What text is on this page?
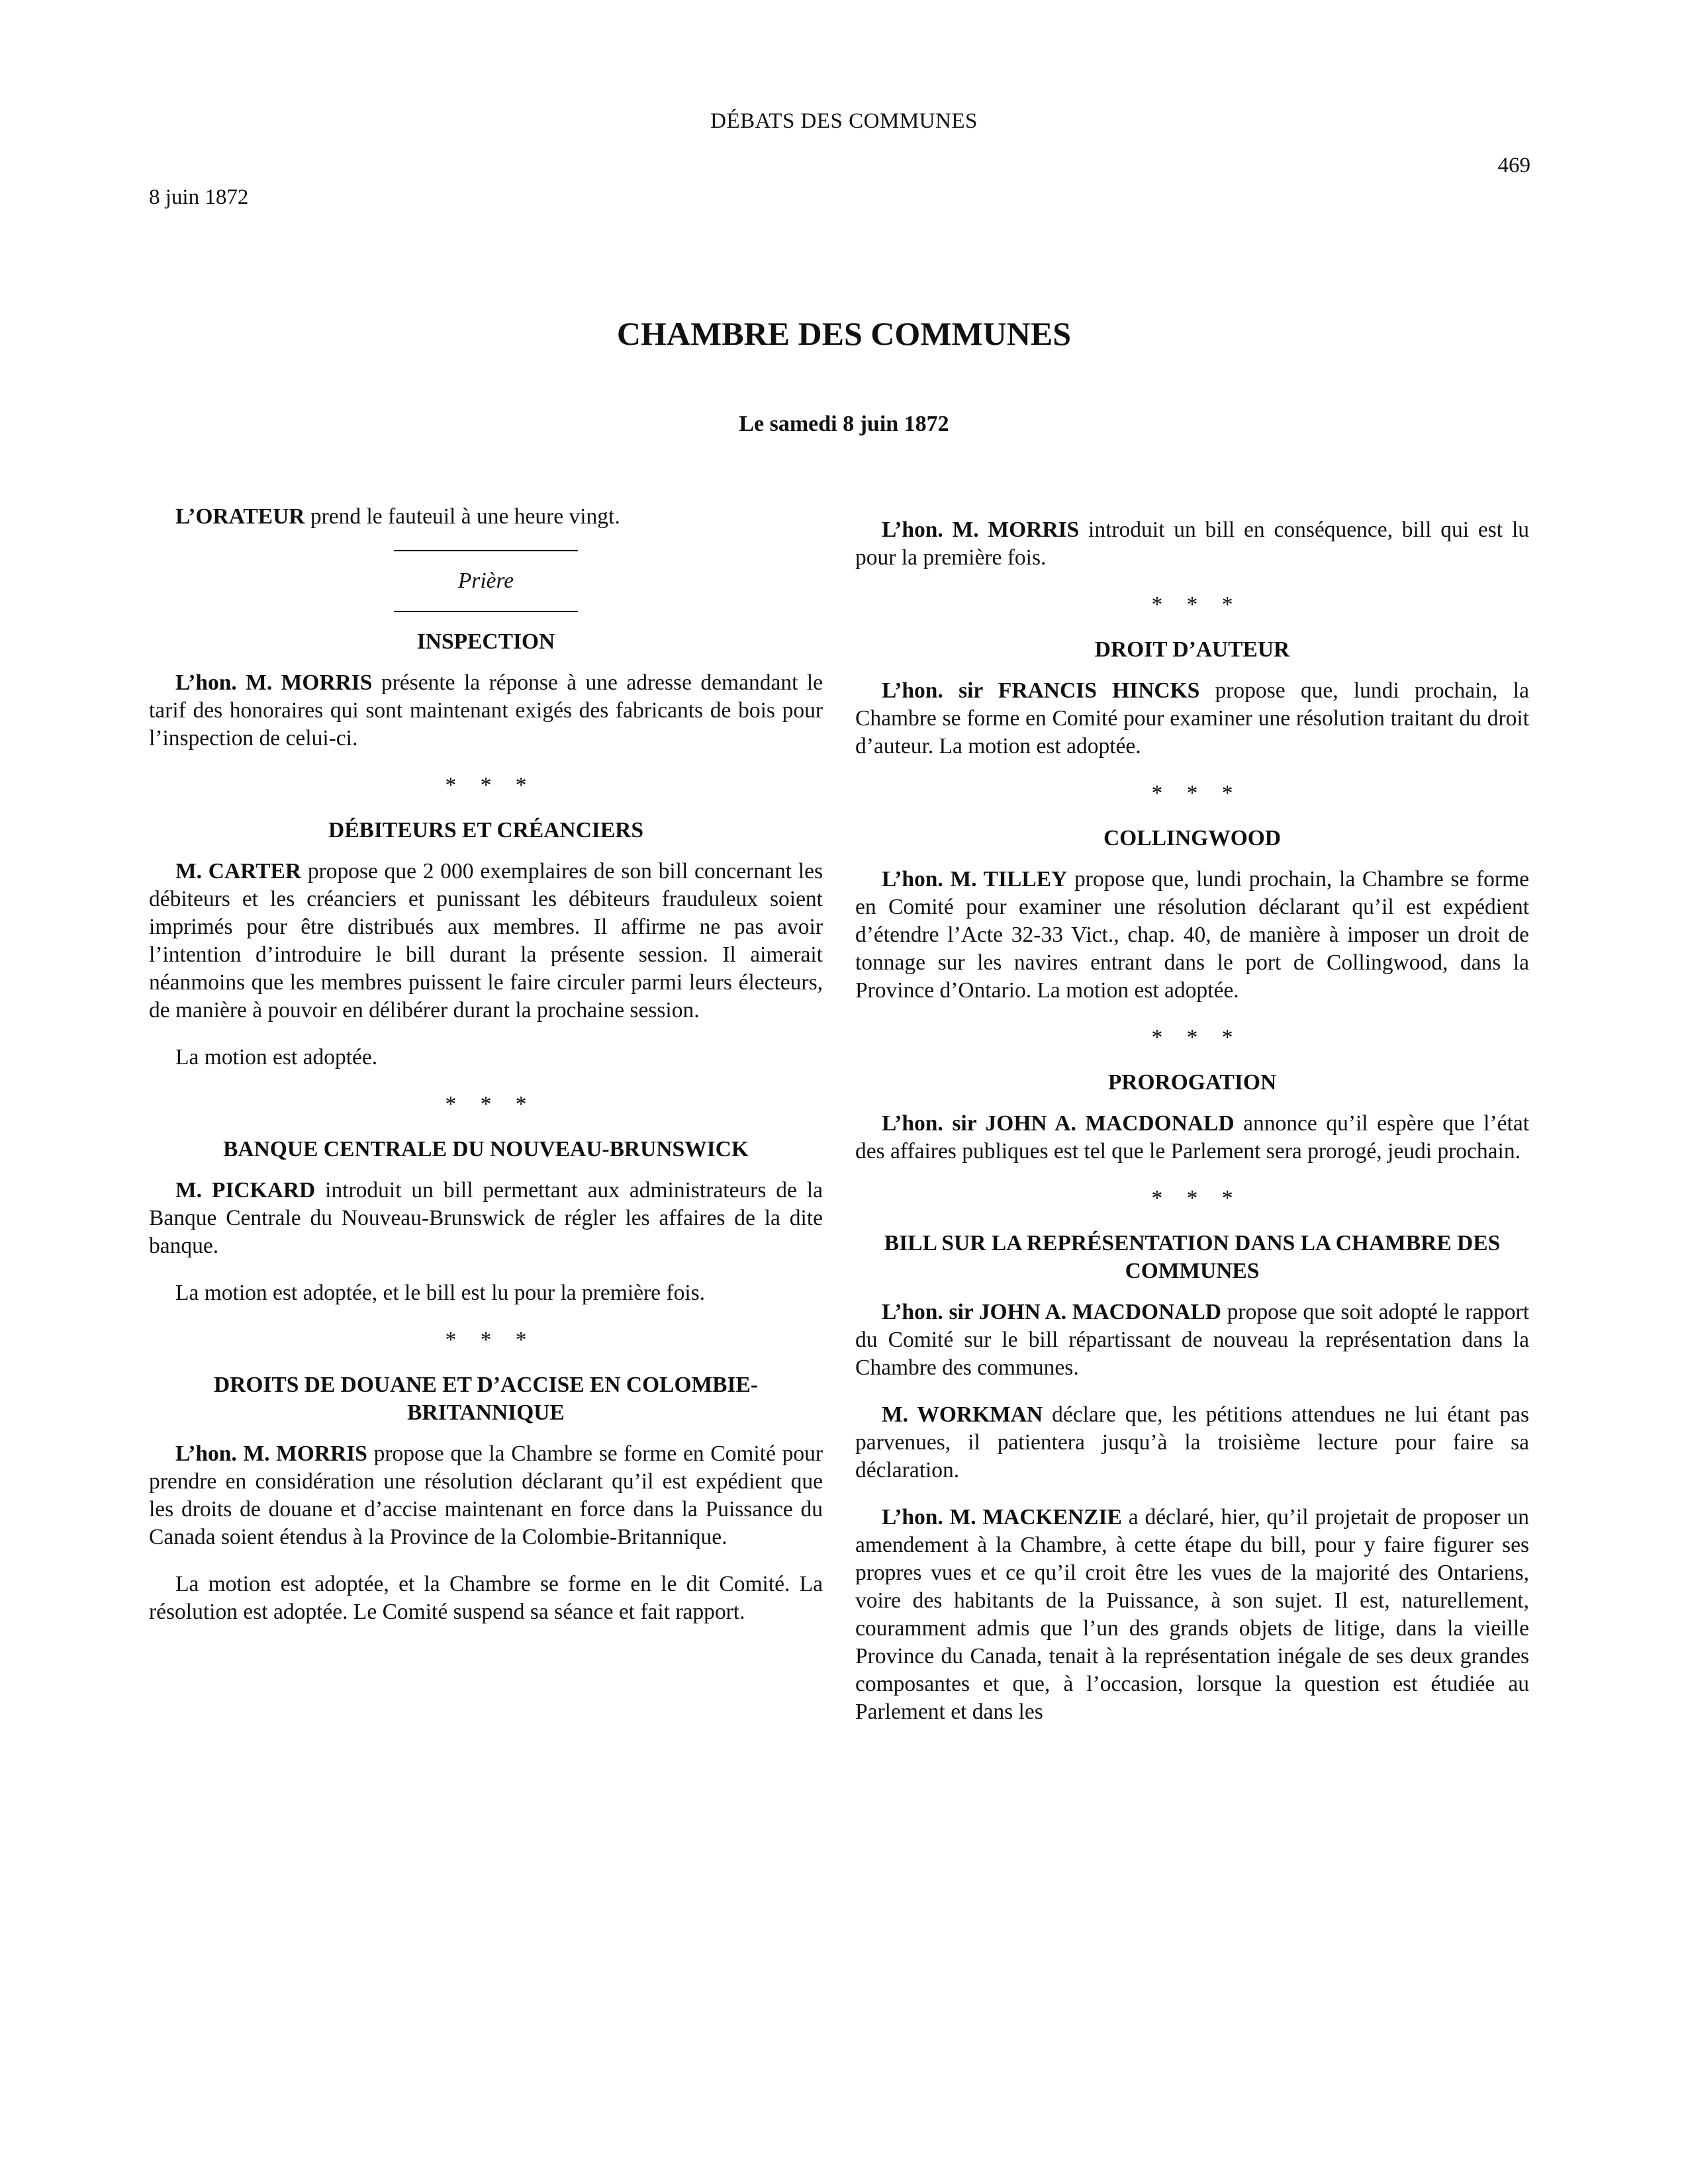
DÉBATS DES COMMUNES
469
8 juin 1872
CHAMBRE DES COMMUNES
Le samedi 8 juin 1872

L’ORATEUR prend le fauteuil à une heure vingt.

Prière

INSPECTION

L’hon. M. MORRIS présente la réponse à une adresse demandant le tarif des honoraires qui sont maintenant exigés des fabricants de bois pour l’inspection de celui-ci.

* * *

DÉBITEURS ET CRÉANCIERS

M. CARTER propose que 2 000 exemplaires de son bill concernant les débiteurs et les créanciers et punissant les débiteurs frauduleux soient imprimés pour être distribués aux membres. Il affirme ne pas avoir l’intention d’introduire le bill durant la présente session. Il aimerait néanmoins que les membres puissent le faire circuler parmi leurs électeurs, de manière à pouvoir en délibérer durant la prochaine session.

La motion est adoptée.

* * *

BANQUE CENTRALE DU NOUVEAU-BRUNSWICK

M. PICKARD introduit un bill permettant aux administrateurs de la Banque Centrale du Nouveau-Brunswick de régler les affaires de la dite banque.

La motion est adoptée, et le bill est lu pour la première fois.

* * *

DROITS DE DOUANE ET D’ACCISE EN COLOMBIE-BRITANNIQUE

L’hon. M. MORRIS propose que la Chambre se forme en Comité pour prendre en considération une résolution déclarant qu’il est expédient que les droits de douane et d’accise maintenant en force dans la Puissance du Canada soient étendus à la Province de la Colombie-Britannique.

La motion est adoptée, et la Chambre se forme en le dit Comité. La résolution est adoptée. Le Comité suspend sa séance et fait rapport.

L’hon. M. MORRIS introduit un bill en conséquence, bill qui est lu pour la première fois.

* * *

DROIT D’AUTEUR

L’hon. sir FRANCIS HINCKS propose que, lundi prochain, la Chambre se forme en Comité pour examiner une résolution traitant du droit d’auteur. La motion est adoptée.

* * *

COLLINGWOOD

L’hon. M. TILLEY propose que, lundi prochain, la Chambre se forme en Comité pour examiner une résolution déclarant qu’il est expédient d’étendre l’Acte 32-33 Vict., chap. 40, de manière à imposer un droit de tonnage sur les navires entrant dans le port de Collingwood, dans la Province d’Ontario. La motion est adoptée.

* * *

PROROGATION

L’hon. sir JOHN A. MACDONALD annonce qu’il espère que l’état des affaires publiques est tel que le Parlement sera prorogé, jeudi prochain.

* * *

BILL SUR LA REPRÉSENTATION DANS LA CHAMBRE DES COMMUNES

L’hon. sir JOHN A. MACDONALD propose que soit adopté le rapport du Comité sur le bill répartissant de nouveau la représentation dans la Chambre des communes.

M. WORKMAN déclare que, les pétitions attendues ne lui étant pas parvenues, il patientera jusqu’à la troisième lecture pour faire sa déclaration.

L’hon. M. MACKENZIE a déclaré, hier, qu’il projetait de proposer un amendement à la Chambre, à cette étape du bill, pour y faire figurer ses propres vues et ce qu’il croit être les vues de la majorité des Ontariens, voire des habitants de la Puissance, à son sujet. Il est, naturellement, couramment admis que l’un des grands objets de litige, dans la vieille Province du Canada, tenait à la représentation inégale de ses deux grandes composantes et que, à l’occasion, lorsque la question est étudiée au Parlement et dans les
